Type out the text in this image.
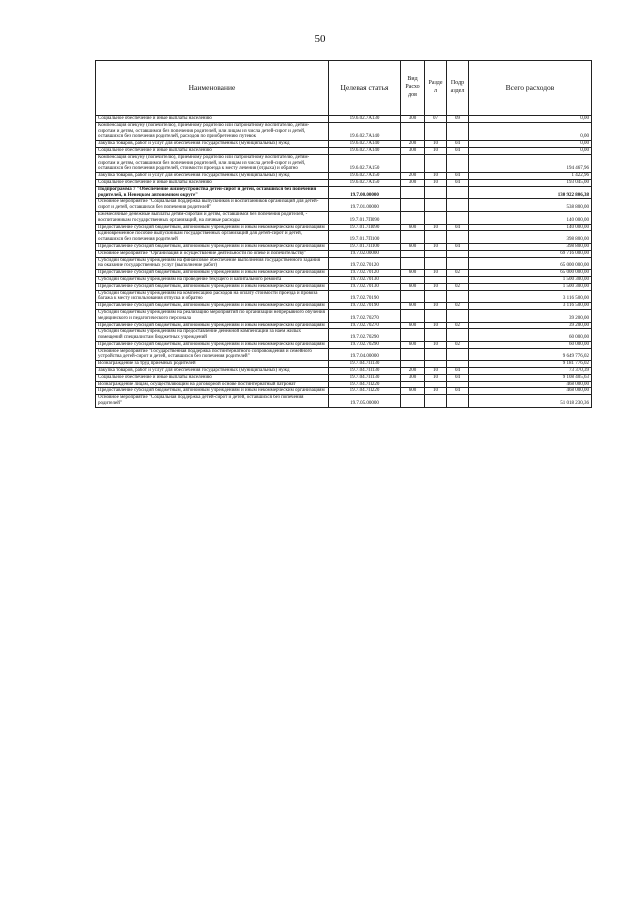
50
Наименование	Целевая статья	Вид Расхо дов	Разде л	Подр аздел	Всего расходов
Социальное обеспечение и иные выплаты населению	19.6.02.7А130	300	07	09	0,00
Компенсация опекуну (попечителю), приемному родителю или патронатному воспитателю, детям-сиротам и детям, оставшимся без попечения родителей, или лицам из числа детей-сирот и детей, оставшихся без попечения родителей, расходов по приобретению путевок	19.6.02.7А140				0,00
Закупка товаров, работ и услуг для обеспечения государственных (муниципальных) нужд	19.6.02.7А140	200	10	04	0,00
Социальное обеспечение и иные выплаты населению	19.6.02.7А140	300	10	04	0,00
Компенсация опекуну (попечителю), приемному родителю или патронатному воспитателю, детям-сиротам и детям, оставшимся без попечения родителей, или лицам из числа детей-сирот и детей, оставшихся без попечения родителей, стоимости проезда к месту лечения (отдыха) и обратно	19.6.02.7А150				194 467,96
Закупка товаров, работ и услуг для обеспечения государственных (муниципальных) нужд	19.6.02.7А150	200	10	04	1 422,96
Социальное обеспечение и иные выплаты населению	19.6.02.7А150	300	10	04	193 045,00
Подпрограмма 7 "Обеспечение жизнеустройства детей-сирот и детей, оставшихся без попечения родителей, в Ненецком автономном округе"	19.7.00.00000				130 922 806,38
Основное мероприятие "Социальная поддержка выпускников и воспитанников организаций для детей-сирот и детей, оставшихся без попечения родителей"	19.7.01.00000				538 800,00
Ежемесячные денежные выплаты детям-сиротам и детям, оставшимся без попечения родителей, - воспитанникам государственных организаций, на личные расходы	19.7.01.7П090				140 000,00
Предоставление субсидий бюджетным, автономным учреждениям и иным некоммерческим организациям	19.7.01.7П090	600	10	04	140 000,00
Единовременное пособие выпускникам государственных организаций для детей-сирот и детей, оставшихся без попечения родителей	19.7.01.7П100				398 800,00
Предоставление субсидий бюджетным, автономным учреждениям и иным некоммерческим организациям	19.7.01.7П100	600	10	04	398 800,00
Основное мероприятие "Организация и осуществление деятельности по опеке и попечительству"	19.7.02.00000				69 716 000,00
Субсидии бюджетным учреждениям на финансовое обеспечение выполнения государственного задания на оказание государственных услуг (выполнение работ)	19.7.02.70120				65 000 000,00
Предоставление субсидий бюджетным, автономным учреждениям и иным некоммерческим организациям	19.7.02.70120	600	10	02	65 000 000,00
Субсидии бюджетным учреждениям на проведение текущего и капитального ремонта	19.7.02.70130				1 500 300,00
Предоставление субсидий бюджетным, автономным учреждениям и иным некоммерческим организациям	19.7.02.70130	600	10	02	1 500 300,00
Субсидии бюджетным учреждениям на компенсацию расходов на оплату стоимости проезда и провоза багажа к месту использования отпуска и обратно	19.7.02.70190				3 116 500,00
Предоставление субсидий бюджетным, автономным учреждениям и иным некоммерческим организациям	19.7.02.70190	600	10	02	3 116 500,00
Субсидии бюджетным учреждениям на реализацию мероприятий по организации непрерывного обучения медицинского и педагогического персонала	19.7.02.70270				39 200,00
Предоставление субсидий бюджетным, автономным учреждениям и иным некоммерческим организациям	19.7.02.70270	600	10	02	39 200,00
Субсидии бюджетным учреждениям на предоставление денежной компенсации за наём жилых помещений специалистам бюджетных учреждений	19.7.02.70290				60 000,00
Предоставление субсидий бюджетным, автономным учреждениям и иным некоммерческим организациям	19.7.02.70290	600	10	02	60 000,00
Основное мероприятие "Государственная поддержка постинтернатного сопровождения и семейного устройства детей-сирот и детей, оставшихся без попечения родителей"	19.7.04.00000				9 649 776,02
Вознаграждение за труд приемных родителей	19.7.04.7П130				9 181 776,02
Закупка товаров, работ и услуг для обеспечения государственных (муниципальных) нужд	19.7.04.7П130	200	10	04	73 370,39
Социальное обеспечение и иные выплаты населению	19.7.04.7П130	300	10	04	9 108 405,63
Вознаграждение лицам, осуществляющим на договорной основе постинтернатный патронат	19.7.04.7П220				468 000,00
Предоставление субсидий бюджетным, автономным учреждениям и иным некоммерческим организациям	19.7.04.7П220	600	10	04	468 000,00
Основное мероприятие "Социальная поддержка детей-сирот и детей, оставшихся без попечения родителей"	19.7.05.00000				51 018 230,36
